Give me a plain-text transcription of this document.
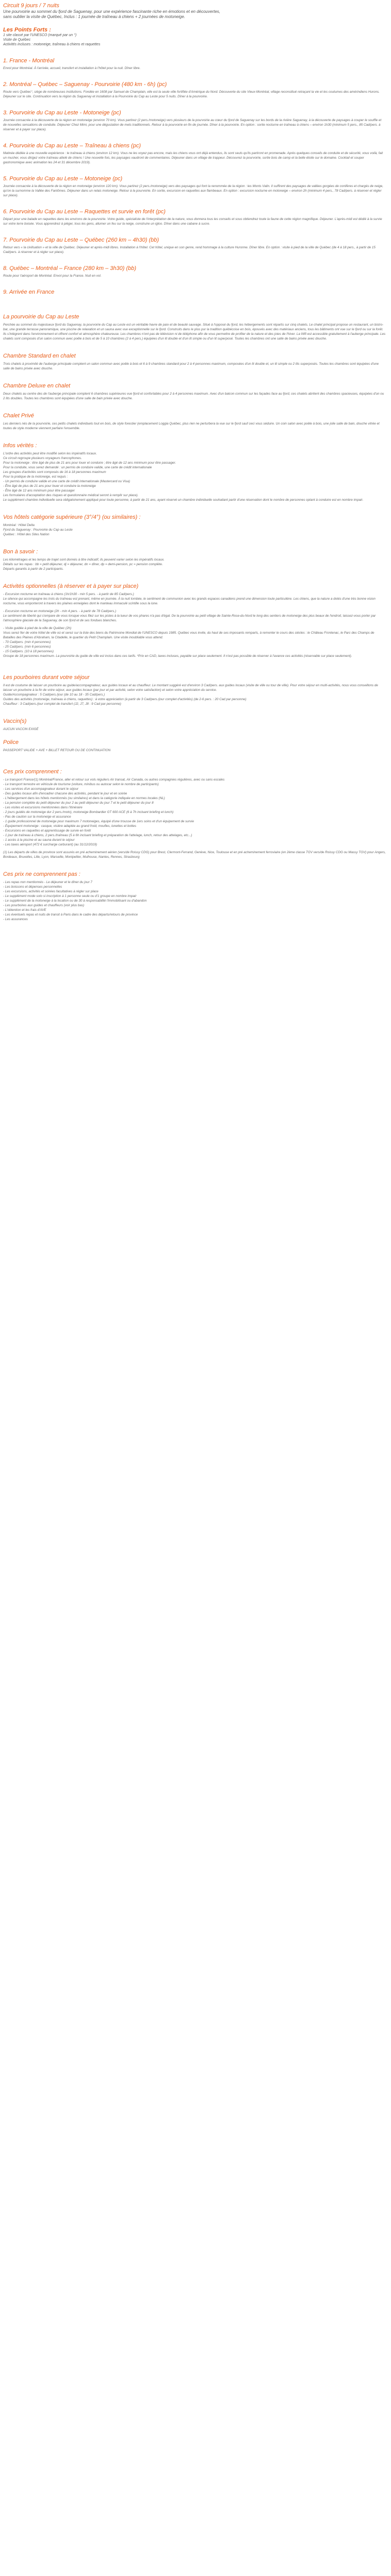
Circuit 9 jours / 7 nuits

Une pourvoirie au sommet du fjord de Saguenay, pour une expérience fascinante riche en émotions et en découvertes,

sans oublier la visite de Québec, Inclus : 1 journée de traîneau à chiens + 2 journées de motoneige.

Les Points Forts :

1 site classé par l'UNESCO (marqué par un °)

Visite de Québec

Activités incluses : motoneige, traîneau à chiens et raquettes

1. France - Montréal

Envol pour Montréal. À l'arrivée, accueil, transfert et installation à l'hôtel pour la nuit. Dîner libre.

2. Montréal – Québec – Saguenay - Pourvoirie (480 km - 6h) (pc)

Route vers Québec°, siège de nombreuses institutions. Fondée en 1608 par Samuel de Champlain, elle est la seule ville fortifiée d'Amérique du Nord. Découverte du site Vieux-Montréal, village reconstitué retraçant la vie et les coutumes des amérindiens Hurons. Déjeuner sur le site. Continuation vers la région du Saguenay et installation à la Pourvoirie du Cap au Leste pour 5 nuits. Dîner à la pourvoirie.

3. Pourvoirie du Cap au Leste - Motoneige (pc)

Journée consacrée à la découverte de la région en motoneige (environ 70 km). Vous partirez (2 pers./motoneige) vers plusieurs de la pourvoirie au cœur du fjord de Saguenay sur les bords de la rivière Saguenay, à la découverte de paysages à couper le souffle et de nouvelles sensations de conduite. Déjeuner Chez Mimi, pour une dégustation de mets traditionnels. Retour à la pourvoirie en fin de journée. Dîner à la pourvoirie. En option : sortie nocturne en traîneau à chiens – environ 1h30 (minimum 5 pers., 85 Cad/pers. à réserver et à payer sur place).

4. Pourvoirie du Cap au Leste – Traîneau à chiens (pc)

Matinée dédiée à une nouvelle expérience : le traîneau à chiens (environ 12 km). Vous ne les voyez pas encore, mais les chiens vous ont déjà entendus, ils sont seuls qu'ils partiront en promenade. Après quelques conseils de conduite et de sécurité, vous voilà, fait un musher, vous dirigez votre traîneau attelé de chiens ! Une nouvelle fois, les paysages vaudront de commentaires. Déjeuner dans un village de trappeur. Découvrez la pourvoirie, sortie bois de camp et la belle étoile sur le domaine. Cocktail et souper gastronomique avec animation les 24 et 31 décembre 2019).

5. Pourvoirie du Cap au Leste – Motoneige (pc)

Journée consacrée à la découverte de la région en motoneige (environ 120 km). Vous partirez (2 pers./motoneige) vers des paysages qui font la renommée de la région : les Monts Valin. Il suffirent des paysages de vallées gorgées de conifères et chargés de neige, qu'on la surnomme la Vallée des Fantômes. Déjeuner dans un relais motoneige. Retour à la pourvoirie. En sortie, excursion en raquettes aux flambeaux. En option : excursion nocturne en motoneige – environ 2h (minimum 4 pers., 78 Cad/pers. à réserver et régler sur place).

6. Pourvoirie du Cap au Leste – Raquettes et survie en forêt (pc)

Départ pour une balade en raquettes dans les environs de la pourvoirie. Votre guide, spécialiste de l'interprétation de la nature, vous donnera tous les conseils et sous obtiendrez toute la faune de cette région magnifique. Déjeuner. L'après-midi est dédié à la survie sur votre terre boisée. Vous apprendrez à piéger, tous les gens, allumer un feu sur la neige, construire un igloo. Dîner dans une cabane à sucre.

7. Pourvoirie du Cap au Leste – Québec (260 km – 4h30) (bb)

Retour vers « la civilisation » et la ville de Québec. Déjeuner et après-midi libres. Installation à l'hôtel. Cet hôtel, unique en son genre, rend hommage à la culture Huronne. Dîner libre. En option : visite à pied de la ville de Québec (de 4 à 18 pers., à partir de 15 Cad/pers. à réserver et à régler sur place).

8. Québec – Montréal – France (280 km – 3h30) (bb)

Route pour l'aéroport de Montréal. Envol pour la France. Nuit en vol.

9. Arrivée en France
La pourvoirie du Cap au Leste

Perchée au sommet du majestueux fjord du Saguenay, la pourvoirie du Cap au Leste est un véritable havre de paix et de beauté sauvage. Situé à l'opposé du fjord, les hébergements sont répartis sur cinq chalets. Le chalet principal propose un restaurant, un bistro-bar, une grande terrasse panoramique, une piscine de relaxation et un sauna avec vue exceptionnelle sur le fjord. Construits dans le plus pur la tradition québécoise en bois, épouvés avec des matériaux anciens, tous les bâtiments ont vue sur le fjord ou sur la forêt. Ils s'intègrent dans l'environnement et offrent confort et atmosphère chaleureuse. Les chambres n'ont pas de télévision ni de téléphone afin de vous permettre de profiter de la nature et des joies de l'hiver. La Wifi est accessible gratuitement à l'auberge principale. Les chalets sont composés d'un salon commun avec poêle à bois et de 5 à 10 chambres (2 à 4 pers.) équipées d'un lit double et d'un lit simple ou d'un lit superposé. Toutes les chambres ont une salle de bains privée avec douche.

Chambre Standard en chalet

Trois chalets à proximité de l'auberge principale comptent un salon commun avec poêle à bois et 6 à 9 chambres standard pour 2 à 4 personnes maximum, composées d'un lit double et, un lit simple ou 2 lits superposés. Toutes les chambres sont équipées d'une salle de bains privée avec douche.

Chambre Deluxe en chalet

Deux chalets au centre des de l'auberge principale comptent 6 chambres supérieures vue fjord et confortables pour 2 à 4 personnes maximum. Avec d'un balcon commun sur les façades face au fjord, ces chalets abritent des chambres spacieuses, équipées d'un ou 2 lits doubles. Toutes les chambres sont équipées d'une salle de bain privée avec douche.

Chalet Privé

Les derniers nés de la pourvoirie, ces petits chalets individuels tout en bois, de style forestier (emplacement Loggia Québec, plus rien ne perturbera la vue sur le fjord sauf ceci vous séduire. Un coin salon avec poêle à bois, une jolie salle de bain, douche vitrée et toutes de style moderne viennent parfaire l'ensemble.

Infos vérités :
L'ordre des activités peut être modifié selon les impératifs locaux.
Ce circuit regroupe plusieurs voyageurs francophones.
Pour la motoneige : être âgé de plus de 21 ans pour louer et conduire ; être âgé de 12 ans minimum pour être passager.
Pour la conduite, vous serez demandé : un permis de conduire valide, une carte de crédit internationale
Les groupes d'activités sont composés de 16 à 18 personnes maximum
Pour la pratique de la motoneige, est requis :
- Un permis de conduire valide et une carte de crédit internationale (Mastercard ou Visa)
- Être âgé de plus de 21 ans pour louer et conduire la motoneige
- Être âgé de 12 ans minimum pour être passager
Les formulaires d'acceptation des risques et questionnaire médical seront à remplir sur place).
Le supplément chambre individuelle sera obligatoirement appliqué pour toute personne, à partir de 21 ans, ayant réservé un chambre individuelle souhaitant partir d'une réservation dont le nombre de personnes optant à conduire est en nombre impair.
Vos hôtels catégorie supérieure (3°/4°) (ou similaires) :
Montréal : Hôtel Delta
Fjord du Saguenay : Pourvoirie du Cap au Leste
Québec : Hôtel des Sites Nation
Bon à savoir :
Les kilométrages et les temps de trajet sont donnés à titre indicatif, ils peuvent varier selon les impératifs locaux.
Détails sur les repas : bb = petit déjeuner, dj = déjeuner, dn = dîner, dp = demi-pension, pc = pension complète.
Départs garantis à partir de 2 participants.
Activités optionnelles (à réserver et à payer sur place)
- Excursion nocturne en traîneau à chiens (1h/1h30 - min 5 pers. - à partir de 85 Cad/pers.)
Le silence qui accompagne les trots du traîneau est prenant, même en journée. À la nuit tombée, le sentiment de communion avec les grands espaces canadiens prend une dimension toute particulière. Les chiens, que la nature a dotés d'une très bonne vision nocturne, vous emporteront à travers les plaines enneigées dont le manteau immaculé scintille sous la lune.
- Excursion nocturne en motoneige (2h - min 4 pers. - à partir de 78 Cad/pers.)
Le sentiment de liberté qui s'empare de vous lorsque vous filez sur les pistes à la lueur de vos phares n'a pas d'égal. De la pourvoirie au petit village de Sainte-Rose-du-Nord le long des sentiers de motoneige des plus beaux de l'endroit, laissez-vous porter par l'atmosphère glaciale de la Saguenay, de son fjord et de ses fondues blanches.
- Visite guidée à pied de la ville de Québec (2h)
Vous serez fier de votre hôtel de ville où et serez sur la liste des biens du Patrimoine Mondial de l'UNESCO depuis 1985. Québec vous invite, du haut de ses imposants remparts, à remonter le cours des siècles : le Château Frontenac, le Parc des Champs de Batailles des Plaines d'Abraham, la Citadelle, le quartier du Petit Champlain. Une visite inoubliable vous attend.
- 70 Cad/pers. (min 4 personnes)
- 25 Cad/pers. (min 6 personnes)
- 15 Cad/pers. (10 à 18 personnes)
Groupe de 18 personnes maximum. La pourvoirie du guide de ville est inclus dans ces tarifs. *Prix en CAD, taxes incluses, payable sur place seulement. Il n'est pas possible de réserver à l'avance ces activités (réservable sur place seulement).
Les pourboires durant votre séjour
Il est de coutume de laisser un pourboire au guide/accompagnateur, aux guides locaux et au chauffeur. Le montant suggéré est d'environ 3 Cad/pers. aux guides locaux (visite de ville ou tour de ville). Pour votre séjour en multi-activités, nous vous conseillons de laisser un pourboire à la fin de votre séjour, aux guides locaux (par jour et par activité, selon votre satisfaction) et selon votre appréciation du service.
Guide/Accompagnateur : 5 Cad/pers./jour (de 10 au 18 - 35 Cad/pers.)
Guides des activités (motoneige, traîneau à chiens, raquettes) : à votre appréciation (à partir de 3 Cad/pers./jour complet d'activités) (de 2-6 pers. : 20 Cad par personne)
Chauffeur : 3 Cad/pers./jour complet de transfert (J2, J7, J8 : 9 Cad par personne)
Vaccin(s)

AUCUN VACCIN EXIGÉ

Police

PASSEPORT VALIDE + AVE + BILLET RETOUR OU DE CONTINUATION

Ces prix comprennent :
- Le transport France/(1) Montréal/France, aller et retour sur vols réguliers Air transat, Air Canada, ou autres compagnies régulières, avec ou sans escales
- Le transport terrestre en véhicule de tourisme (voiture, minibus ou autocar selon le nombre de participants)
- Les services d'un accompagnateur durant le séjour
- Des guides locaux afin d'encadrer chacune des activités, pendant le jour et en soirée
- L'hébergement dans les hôtels mentionnés (ou similaires) et dans la catégorie indiquée en normes locales (NL)
- La pension complète du petit déjeuner du jour 2 au petit déjeuner du jour 7 et le petit déjeuner du jour 8
- Les visites et excursions mentionnées dans l'itinéraire
- 2 jours guidés de motoneige dur 2 pers./moto), motoneige Bombardier GT 600 ACE (6 à 7h incluant briefing et lunch)
- Pas de caution sur la motoneige et assurance
- 1 guide professionnel de motoneige pour maximum 7 motoneiges, équipé d'une trousse de 1ers soins et d'un équipement de survie
- Équipement motoneige : casque, visière adaptée au grand froid, moufles, lunettes et bottes
- Excursions en raquettes et apprentissage de survie en forêt
- 1 jour de traîneau à chiens, 2 pers./traîneau (5 à 6h incluant briefing et préparation de l'attelage, lunch, retour des attelages, etc...)
- 1 accès à la piscine et au sauna durant le séjour
- Les taxes aéroport (472 € surcharge carburant) (au 31/12/2019)
(1) Les départs de villes de province sont assurés en pré acheminement aérien (vers/de Roissy CDG) pour Brest, Clermont-Ferrand, Genève, Nice, Toulouse et en pré acheminement ferroviaire (en 2ème classe TGV vers/de Roissy CDG ou Massy TGV) pour Angers, Bordeaux, Bruxelles, Lille, Lyon, Marseille, Montpellier, Mulhouse, Nantes, Rennes, Strasbourg
Ces prix ne comprennent pas :
- Les repas non mentionnés - Le déjeuner et le dîner du jour 7
- Les boissons et dépenses personnelles
- Les excursions, activités et soirées facultatives à régler sur place
- Le supplément mode solo si inscription à 1 personne seule ou d'1 groupe en nombre impair
- Le supplément de la motoneige à la location ou de 30 à responsabilité l'immobilisant ou d'abandon
- Les pourboires aux guides et chauffeurs (voir plus bas)
- L'obtention et les frais d'AVE
- Les éventuels repas et nuits de transit à Paris dans le cadre des départs/retours de province
- Les assurances
